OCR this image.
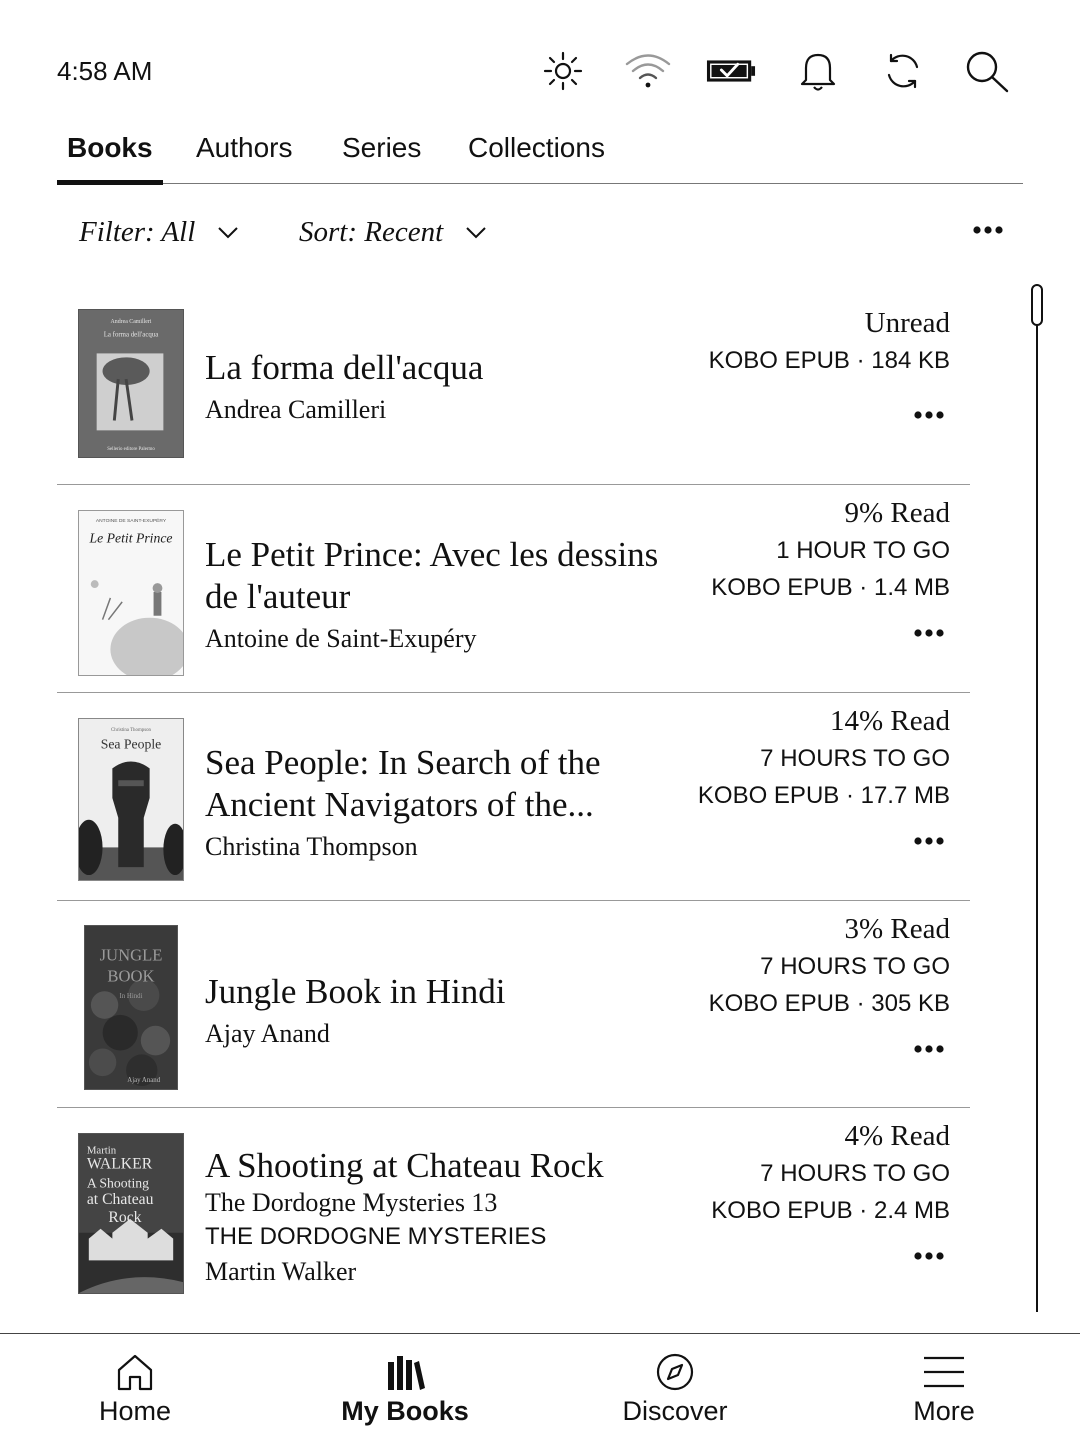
4:58 AM
Books Authors Series Collections
Filter: All	Sort: Recent
Andrea Camilleri
La forma dell'acqua
Sellerio editore Palermo
La forma dell'acqua
Andrea Camilleri
Unread
KOBO EPUB · 184 KB
ANTOINE DE SAINT-EXUPÉRY
Le Petit Prince Le Petit Prince: Avec les dessins de l'auteur
Antoine de Saint-Exupéry
9% Read
1 HOUR TO GO
KOBO EPUB · 1.4 MB
Christina Thompson
Sea People Sea People: In Search of the Ancient Navigators of the...
Christina Thompson
14% Read
7 HOURS TO GO
KOBO EPUB · 17.7 MB
JUNGLE
BOOK
In Hindi
Ajay Anand
Jungle Book in Hindi
Ajay Anand
3% Read
7 HOURS TO GO
KOBO EPUB · 305 KB
Martin
WALKER
A Shooting
at Chateau
Rock
A Shooting at Chateau Rock
The Dordogne Mysteries 13
THE DORDOGNE MYSTERIES
Martin Walker
4% Read
7 HOURS TO GO
KOBO EPUB · 2.4 MB
Home	My Books	Discover	More
